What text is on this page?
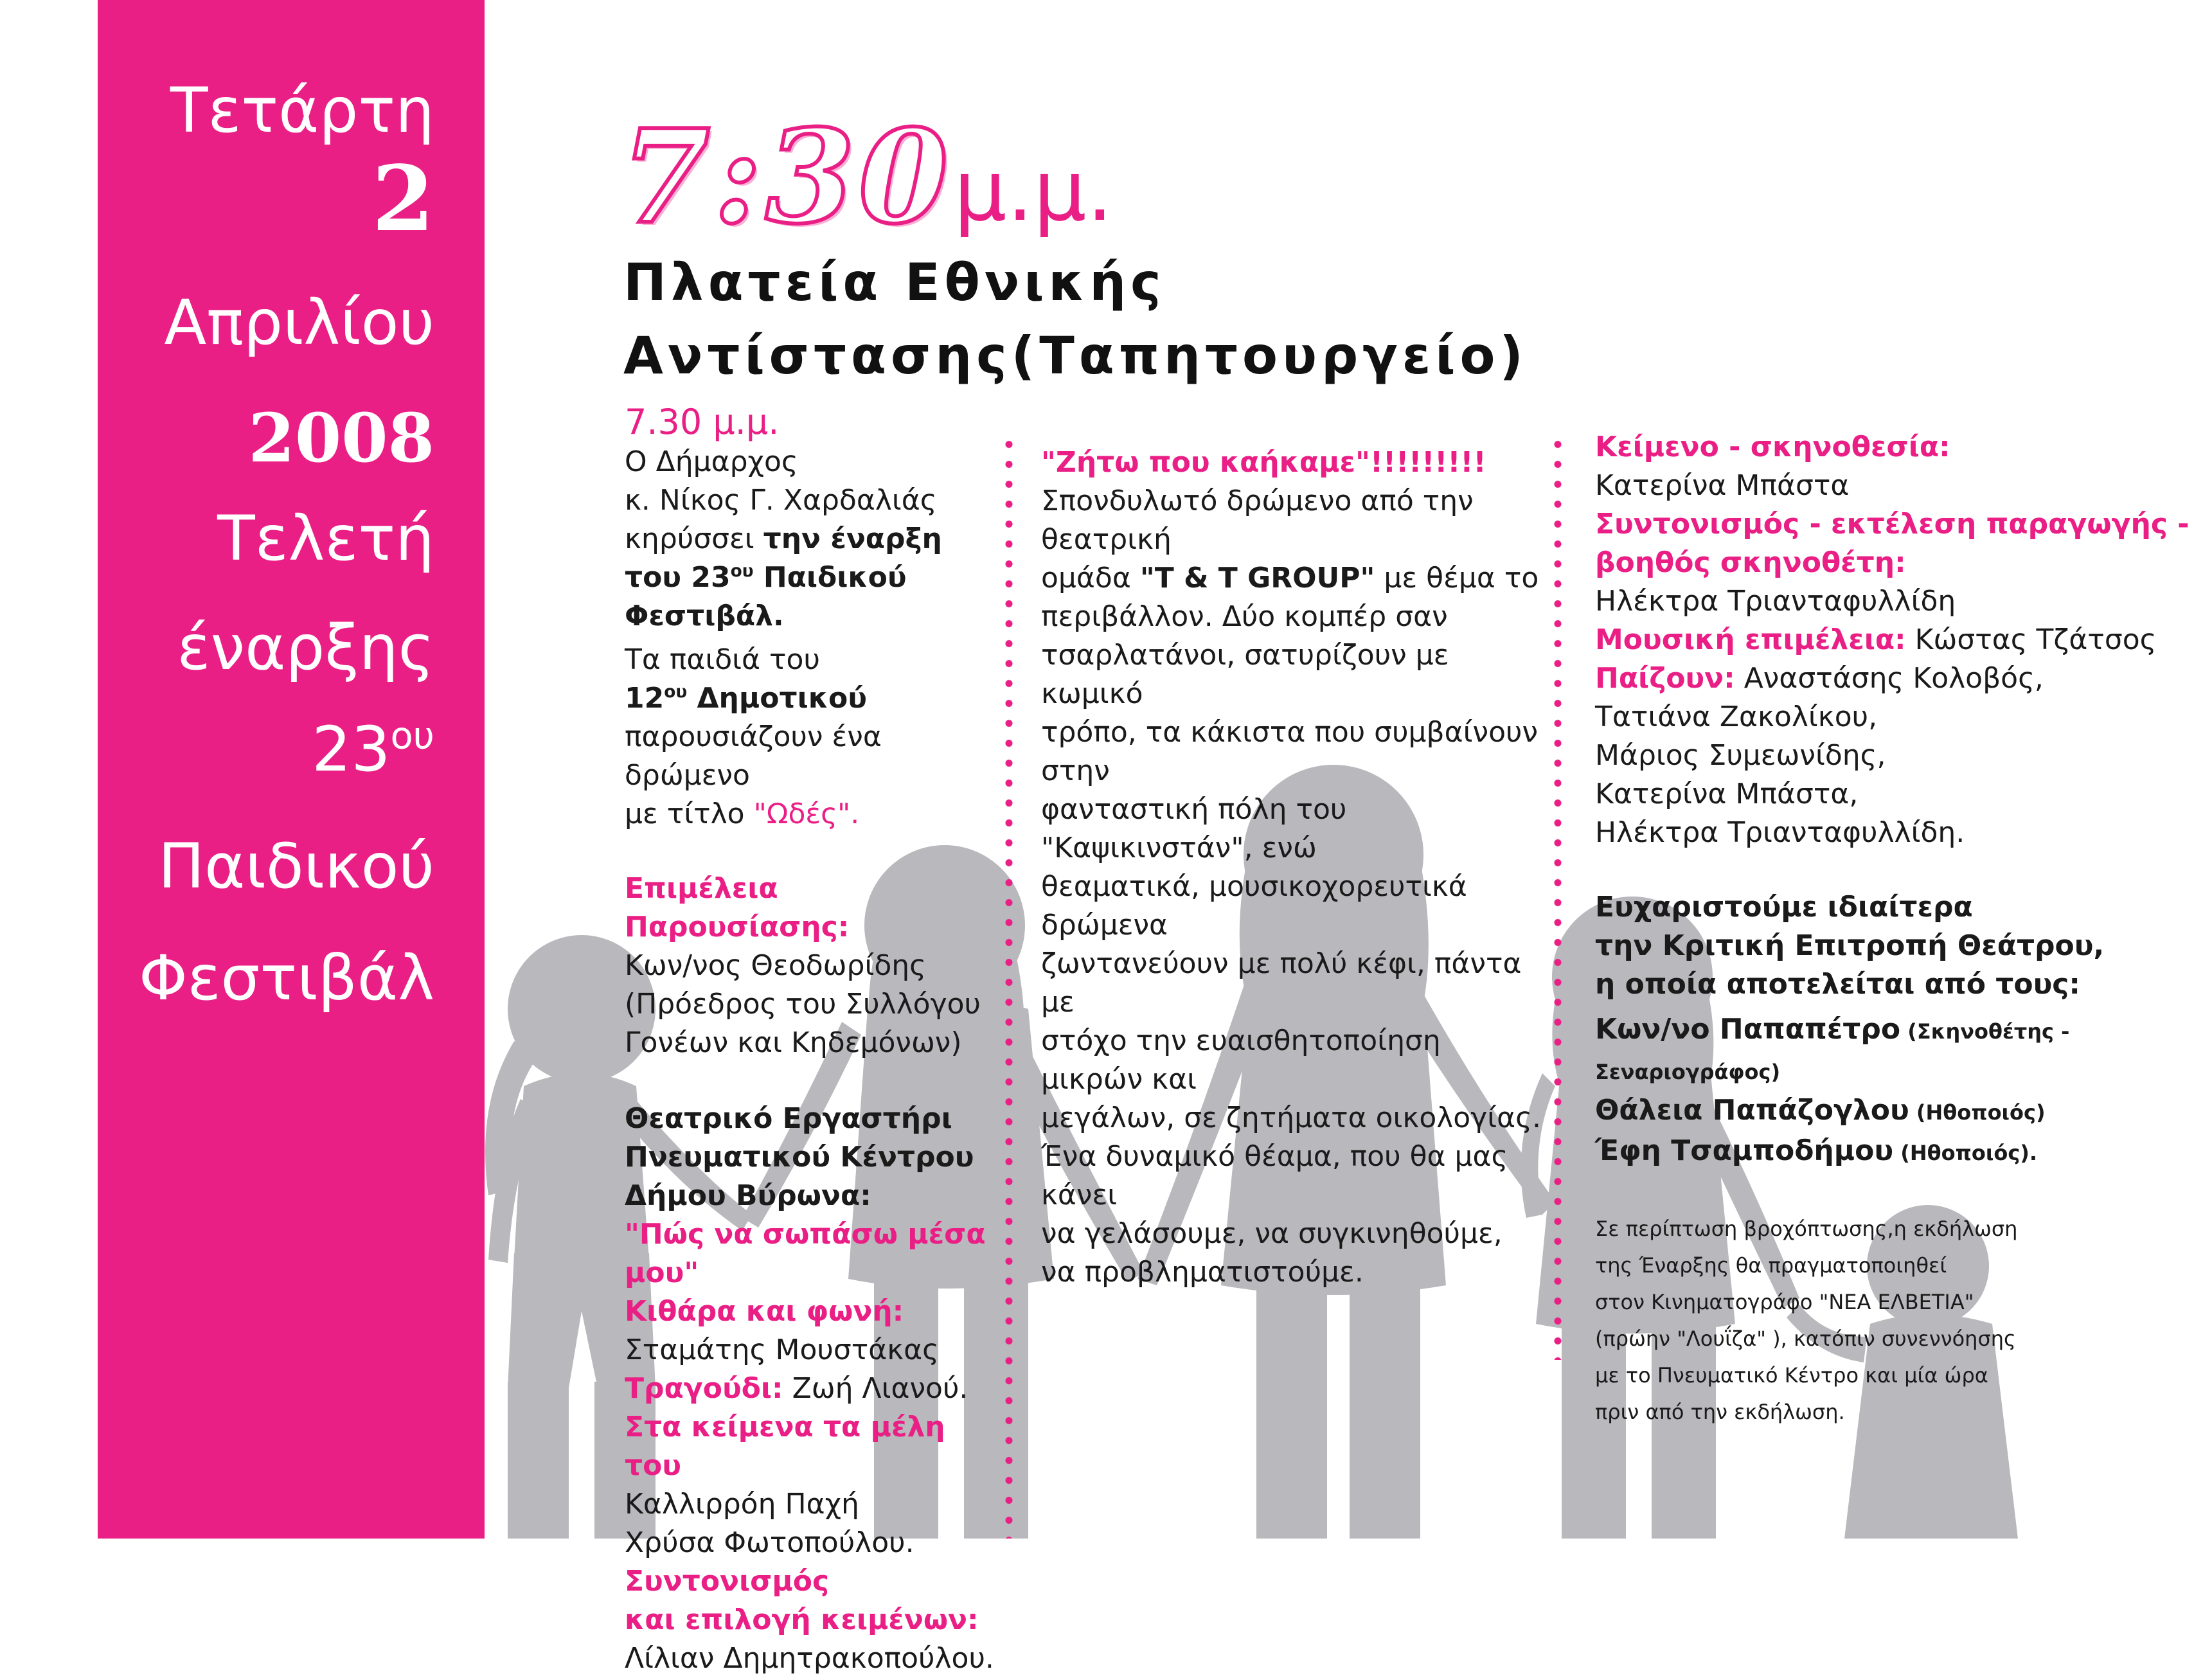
Τετάρτη
2
Απριλίου
2008
Τελετή
έναρξης
$23^{o\upsilon}$
Παιδικού
Φεστιβάλ
7:30 μ.μ.
Πλατεία Εθνικής
Αντίστασης(Ταπητουργείο)

7.30 μ.μ.

Ο Δήμαρχος

κ. Νίκος Γ. Χαρδαλιάς

κηρύσσει την έναρξη

του $23^{o\upsilon}$ Παιδικού

Φεστιβάλ.

Τα παιδιά του

$12^{o\upsilon}$ Δημοτικού

παρουσιάζουν ένα δρώμενο

με τίτλο "Ωδές".

Επιμέλεια Παρουσίασης:

Κων/νος Θεοδωρίδης

(Πρόεδρος του Συλλόγου

Γονέων και Κηδεμόνων)

Θεατρικό Εργαστήρι

Πνευματικού Κέντρου

Δήμου Βύρωνα:

"Πώς να σωπάσω μέσα μου"

Κιθάρα και φωνή:

Σταμάτης Μουστάκας

Τραγούδι: Ζωή Λιανού.

Στα κείμενα τα μέλη του

Καλλιρρόη Παχή

Χρύσα Φωτοπούλου.

Συντονισμός

και επιλογή κειμένων:

Λίλιαν Δημητρακοπούλου.

"Ζήτω που καήκαμε"!!!!!!!!!

Σπονδυλωτό δρώμενο από την θεατρική

ομάδα "Τ & Τ GROUP" με θέμα το

περιβάλλον. Δύο κομπέρ σαν

τσαρλατάνοι, σατυρίζουν με κωμικό

τρόπο, τα κάκιστα που συμβαίνουν στην

φανταστική πόλη του "Καψικινστάν", ενώ

θεαματικά, μουσικοχορευτικά δρώμενα

ζωντανεύουν με πολύ κέφι, πάντα με

στόχο την ευαισθητοποίηση μικρών και

μεγάλων, σε ζητήματα οικολογίας.

Ένα δυναμικό θέαμα, που θα μας κάνει

να γελάσουμε, να συγκινηθούμε,

να προβληματιστούμε.

Κείμενο - σκηνοθεσία:

Κατερίνα Μπάστα

Συντονισμός - εκτέλεση παραγωγής -

βοηθός σκηνοθέτη:

Ηλέκτρα Τριανταφυλλίδη

Μουσική επιμέλεια: Κώστας Τζάτσος

Παίζουν: Αναστάσης Κολοβός,

Τατιάνα Ζακολίκου,

Μάριος Συμεωνίδης,

Κατερίνα Μπάστα,

Ηλέκτρα Τριανταφυλλίδη.

Ευχαριστούμε ιδιαίτερα

την Κριτική Επιτροπή Θεάτρου,

η οποία αποτελείται από τους:

Κων/νο Παπαπέτρο (Σκηνοθέτης - Σεναριογράφος)

Θάλεια Παπάζογλου (Ηθοποιός)

Έφη Τσαμποδήμου (Ηθοποιός).

Σε περίπτωση βροχόπτωσης,η εκδήλωση

της Έναρξης θα πραγματοποιηθεί

στον Κινηματογράφο "ΝΕΑ ΕΛΒΕΤΙΑ"

(πρώην "Λουΐζα" ), κατόπιν συνεννόησης

με το Πνευματικό Κέντρο και μία ώρα

πριν από την εκδήλωση.
